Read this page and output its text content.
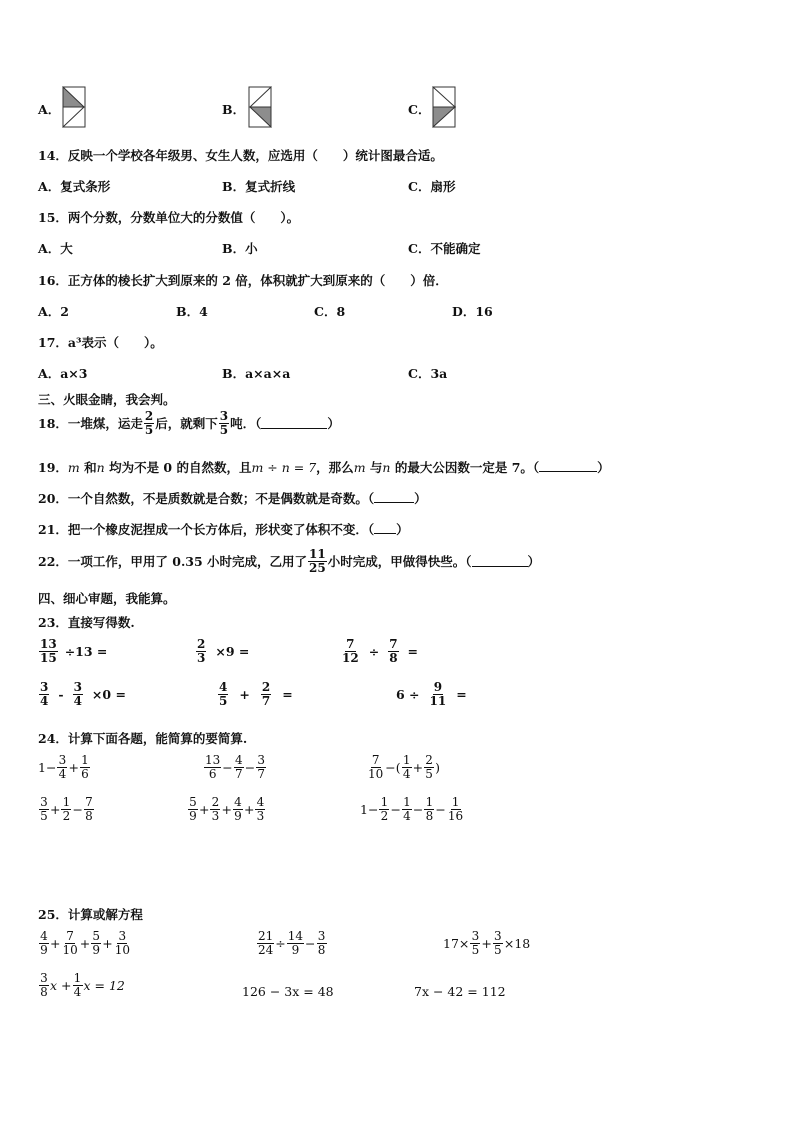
A．	B．	C．
14．反映一个学校各年级男、女生人数，应选用（　　）统计图最合适。
A．复式条形	B．复式折线	C．扇形
15．两个分数，分数单位大的分数值（　　）。
A．大	B．小	C．不能确定
16．正方体的棱长扩大到原来的 2 倍，体积就扩大到原来的（　　）倍．
A．2	B．4	C．8	D．16
17．a³表示（　　）。
A．a×3	B．a×a×a	C．3a
三、火眼金睛，我会判。
18．一堆煤，运走 $\frac{2}{5}$ 后，就剩下 $\frac{3}{5}$ 吨．（	）
19．m 和n 均为不是 0 的自然数，且m ÷ n = 7，那么m 与n 的最大公因数一定是 7。（	）
20．一个自然数，不是质数就是合数；不是偶数就是奇数。（	）
21．把一个橡皮泥捏成一个长方体后，形状变了体积不变．（ ）
22．一项工作，甲用了 0.35 小时完成，乙用了 $\frac{11}{25}$ 小时完成，甲做得快些。（	）
四、细心审题，我能算。
23．直接写得数.
$\frac{13}{15} \div 13$ =	$\frac{2}{3} \times 9$ =	$\frac{7}{12} \div \frac{7}{8}$ =
$\frac{3}{4} - \frac{3}{4} \times 0$ =	$\frac{4}{5} + \frac{2}{7}$ =	$6 \div \frac{9}{11}$ =
24．计算下面各题，能简算的要简算.
$1- \frac{3}{4} + \frac{1}{6}$	$\frac{13}{6} - \frac{4}{7} - \frac{3}{7}$	$\frac{7}{10}$ −( $\frac{1}{4} + \frac{2}{5}$ )
$\frac{3}{5} + \frac{1}{2} - \frac{7}{8}$	$\frac{5}{9} + \frac{2}{3} + \frac{4}{9} + \frac{4}{3}$	$1- \frac{1}{2} - \frac{1}{4} - \frac{1}{8} - \frac{1}{16}$
25．计算或解方程
$\frac{4}{9} + \frac{7}{10} + \frac{5}{9} + \frac{3}{10}$	$\frac{21}{24} \div \frac{14}{9} - \frac{3}{8}$	$17\times \frac{3}{5} + \frac{3}{5} \times 18$
$\frac{3}{8}$ $x + \frac{1}{4}$ x = 12	126 − 3x = 48	7x − 42 = 112
